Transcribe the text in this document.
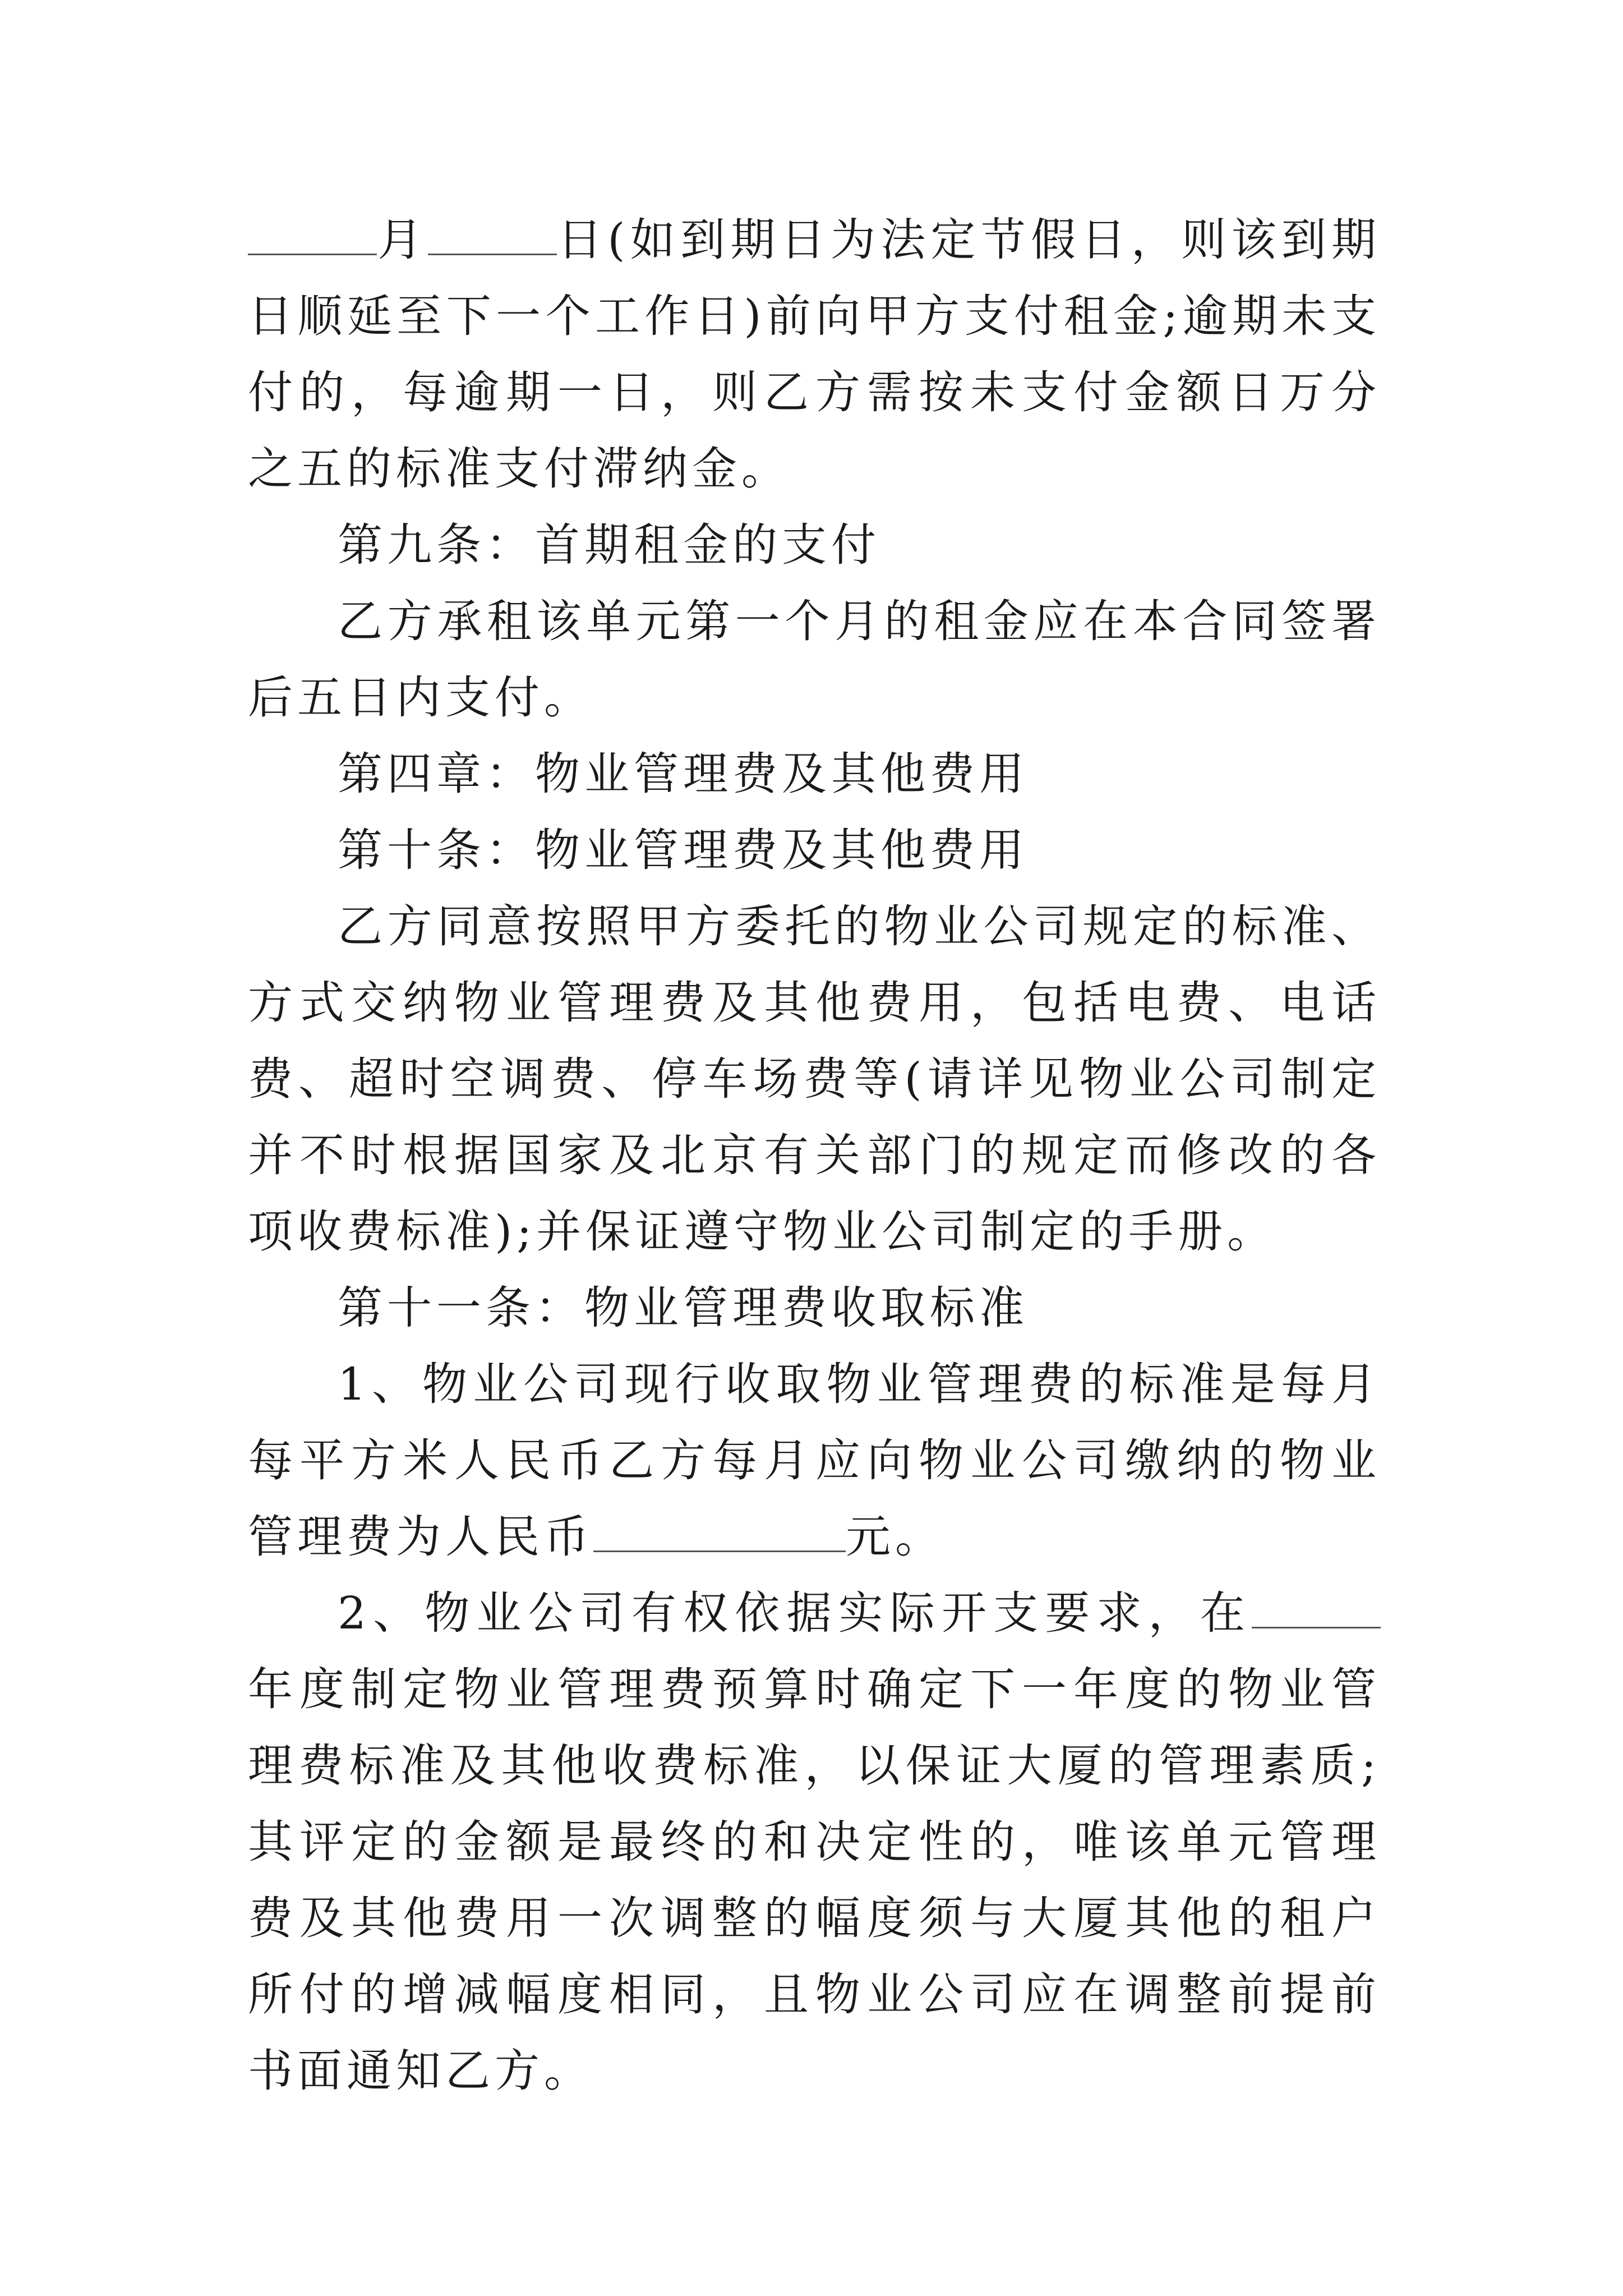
月	日(如到期日为法定节假日，则该到期日顺延至下一个工作日)前向甲方支付租金;逾期未支付的，每逾期一日，则乙方需按未支付金额日万分之五的标准支付滞纳金。

第九条：首期租金的支付

乙方承租该单元第一个月的租金应在本合同签署后五日内支付。

第四章：物业管理费及其他费用

第十条：物业管理费及其他费用

乙方同意按照甲方委托的物业公司规定的标准、方式交纳物业管理费及其他费用，包括电费、电话费、超时空调费、停车场费等(请详见物业公司制定并不时根据国家及北京有关部门的规定而修改的各项收费标准);并保证遵守物业公司制定的手册。

第十一条：物业管理费收取标准

1、物业公司现行收取物业管理费的标准是每月每平方米人民币乙方每月应向物业公司缴纳的物业管理费为人民币	元。

2、物业公司有权依据实际开支要求，在年度制定物业管理费预算时确定下一年度的物业管理费标准及其他收费标准，以保证大厦的管理素质;其评定的金额是最终的和决定性的，唯该单元管理费及其他费用一次调整的幅度须与大厦其他的租户所付的增减幅度相同，且物业公司应在调整前提前书面通知乙方。
